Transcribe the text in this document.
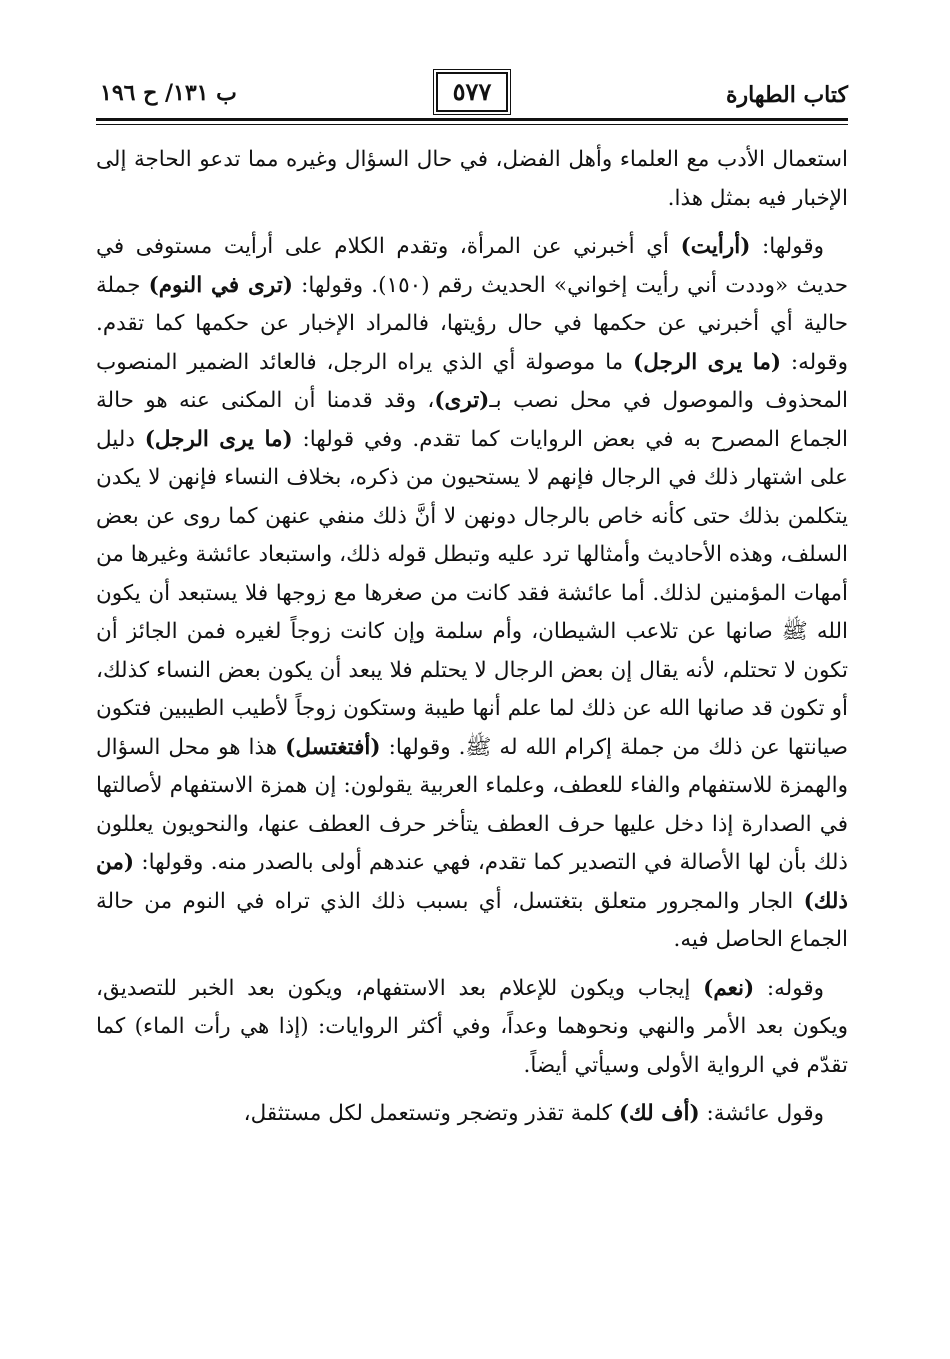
كتاب الطهارة
٥٧٧
ب ١٣١/ ح ١٩٦

استعمال الأدب مع العلماء وأهل الفضل، في حال السؤال وغيره مما تدعو الحاجة إلى الإخبار فيه بمثل هذا.

وقولها: (أرأيت) أي أخبرني عن المرأة، وتقدم الكلام على أرأيت مستوفى في حديث «وددت أني رأيت إخواني» الحديث رقم (١٥٠). وقولها: (ترى في النوم) جملة حالية أي أخبرني عن حكمها في حال رؤيتها، فالمراد الإخبار عن حكمها كما تقدم. وقوله: (ما يرى الرجل) ما موصولة أي الذي يراه الرجل، فالعائد الضمير المنصوب المحذوف والموصول في محل نصب بـ(ترى)، وقد قدمنا أن المكنى عنه هو حالة الجماع المصرح به في بعض الروايات كما تقدم. وفي قولها: (ما يرى الرجل) دليل على اشتهار ذلك في الرجال فإنهم لا يستحيون من ذكره، بخلاف النساء فإنهن لا يكدن يتكلمن بذلك حتى كأنه خاص بالرجال دونهن لا أنَّ ذلك منفي عنهن كما روى عن بعض السلف، وهذه الأحاديث وأمثالها ترد عليه وتبطل قوله ذلك، واستبعاد عائشة وغيرها من أمهات المؤمنين لذلك. أما عائشة فقد كانت من صغرها مع زوجها فلا يستبعد أن يكون الله ﷺ صانها عن تلاعب الشيطان، وأم سلمة وإن كانت زوجاً لغيره فمن الجائز أن تكون لا تحتلم، لأنه يقال إن بعض الرجال لا يحتلم فلا يبعد أن يكون بعض النساء كذلك، أو تكون قد صانها الله عن ذلك لما علم أنها طيبة وستكون زوجاً لأطيب الطيبين فتكون صيانتها عن ذلك من جملة إكرام الله له ﷺ. وقولها: (أفتغتسل) هذا هو محل السؤال والهمزة للاستفهام والفاء للعطف، وعلماء العربية يقولون: إن همزة الاستفهام لأصالتها في الصدارة إذا دخل عليها حرف العطف يتأخر حرف العطف عنها، والنحويون يعللون ذلك بأن لها الأصالة في التصدير كما تقدم، فهي عندهم أولى بالصدر منه. وقولها: (من ذلك) الجار والمجرور متعلق بتغتسل، أي بسبب ذلك الذي تراه في النوم من حالة الجماع الحاصل فيه.

وقوله: (نعم) إيجاب ويكون للإعلام بعد الاستفهام، ويكون بعد الخبر للتصديق، ويكون بعد الأمر والنهي ونحوهما وعداً، وفي أكثر الروايات: (إذا هي رأت الماء) كما تقدّم في الرواية الأولى وسيأتي أيضاً.

وقول عائشة: (أف لك) كلمة تقذر وتضجر وتستعمل لكل مستثقل،
